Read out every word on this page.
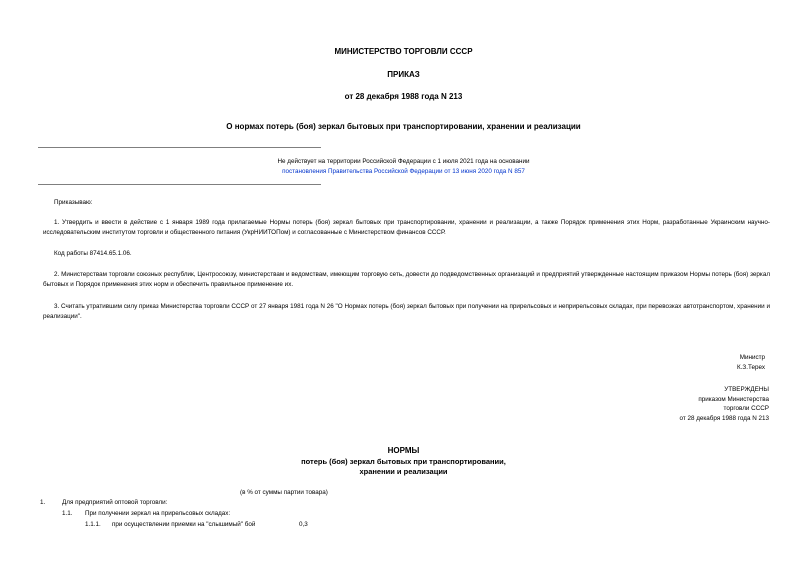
МИНИСТЕРСТВО ТОРГОВЛИ СССР
ПРИКАЗ
от 28 декабря 1988 года N 213
О нормах потерь (боя) зеркал бытовых при транспортировании, хранении и реализации
Не действует на территории Российской Федерации с 1 июля 2021 года на основании
постановления Правительства Российской Федерации от 13 июня 2020 года N 857
Приказываю:
1. Утвердить и ввести в действие с 1 января 1989 года прилагаемые Нормы потерь (боя) зеркал бытовых при транспортировании, хранении и реализации, а также Порядок применения этих Норм, разработанные Украинским научно-исследовательским институтом торговли и общественного питания (УкрНИИТОПом) и согласованные с Министерством финансов СССР.
Код работы 87414.65.1.06.
2. Министерствам торговли союзных республик, Центросоюзу, министерствам и ведомствам, имеющим торговую сеть, довести до подведомственных организаций и предприятий утвержденные настоящим приказом Нормы потерь (боя) зеркал бытовых и Порядок применения этих норм и обеспечить правильное применение их.
3. Считать утратившим силу приказ Министерства торговли СССР от 27 января 1981 года N 26 "О Нормах потерь (боя) зеркал бытовых при получении на прирельсовых и неприрельсовых складах, при перевозках автотранспортом, хранении и реализации".
Министр
К.З.Терех
УТВЕРЖДЕНЫ
приказом Министерства
торговли СССР
от 28 декабря 1988 года N 213
НОРМЫ
потерь (боя) зеркал бытовых при транспортировании,
хранении и реализации
(в % от суммы партии товара)
1.	Для предприятий оптовой торговли:
1.1. При получении зеркал на прирельсовых складах:
1.1.1. при осуществлении приемки на "слышимый" бой	0,3
